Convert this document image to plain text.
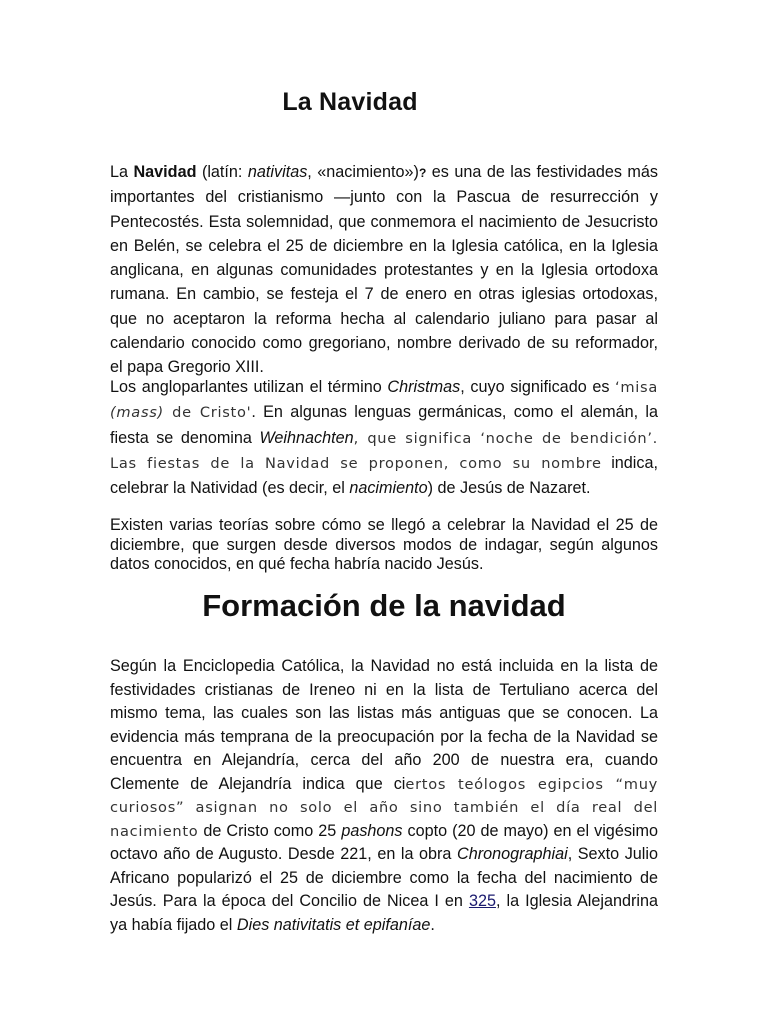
La Navidad

La Navidad (latín: nativitas, «nacimiento»)? es una de las festividades más importantes del cristianismo —junto con la Pascua de resurrección y Pentecostés. Esta solemnidad, que conmemora el nacimiento de Jesucristo en Belén, se celebra el 25 de diciembre en la Iglesia católica, en la Iglesia anglicana, en algunas comunidades protestantes y en la Iglesia ortodoxa rumana. En cambio, se festeja el 7 de enero en otras iglesias ortodoxas, que no aceptaron la reforma hecha al calendario juliano para pasar al calendario conocido como gregoriano, nombre derivado de su reformador, el papa Gregorio XIII.

Los angloparlantes utilizan el término Christmas, cuyo significado es ‘misa (mass) de Cristo'. En algunas lenguas germánicas, como el alemán, la fiesta se denomina Weihnachten, que significa ‘noche de bendición’. Las fiestas de la Navidad se proponen, como su nombre indica, celebrar la Natividad (es decir, el nacimiento) de Jesús de Nazaret.

Existen varias teorías sobre cómo se llegó a celebrar la Navidad el 25 de diciembre, que surgen desde diversos modos de indagar, según algunos datos conocidos, en qué fecha habría nacido Jesús.

Formación de la navidad

Según la Enciclopedia Católica, la Navidad no está incluida en la lista de festividades cristianas de Ireneo ni en la lista de Tertuliano acerca del mismo tema, las cuales son las listas más antiguas que se conocen. La evidencia más temprana de la preocupación por la fecha de la Navidad se encuentra en Alejandría, cerca del año 200 de nuestra era, cuando Clemente de Alejandría indica que ciertos teólogos egipcios “muy curiosos” asignan no solo el año sino también el día real del nacimiento de Cristo como 25 pashons copto (20 de mayo) en el vigésimo octavo año de Augusto. Desde 221, en la obra Chronographiai, Sexto Julio Africano popularizó el 25 de diciembre como la fecha del nacimiento de Jesús. Para la época del Concilio de Nicea I en 325, la Iglesia Alejandrina ya había fijado el Dies nativitatis et epifaníae.
